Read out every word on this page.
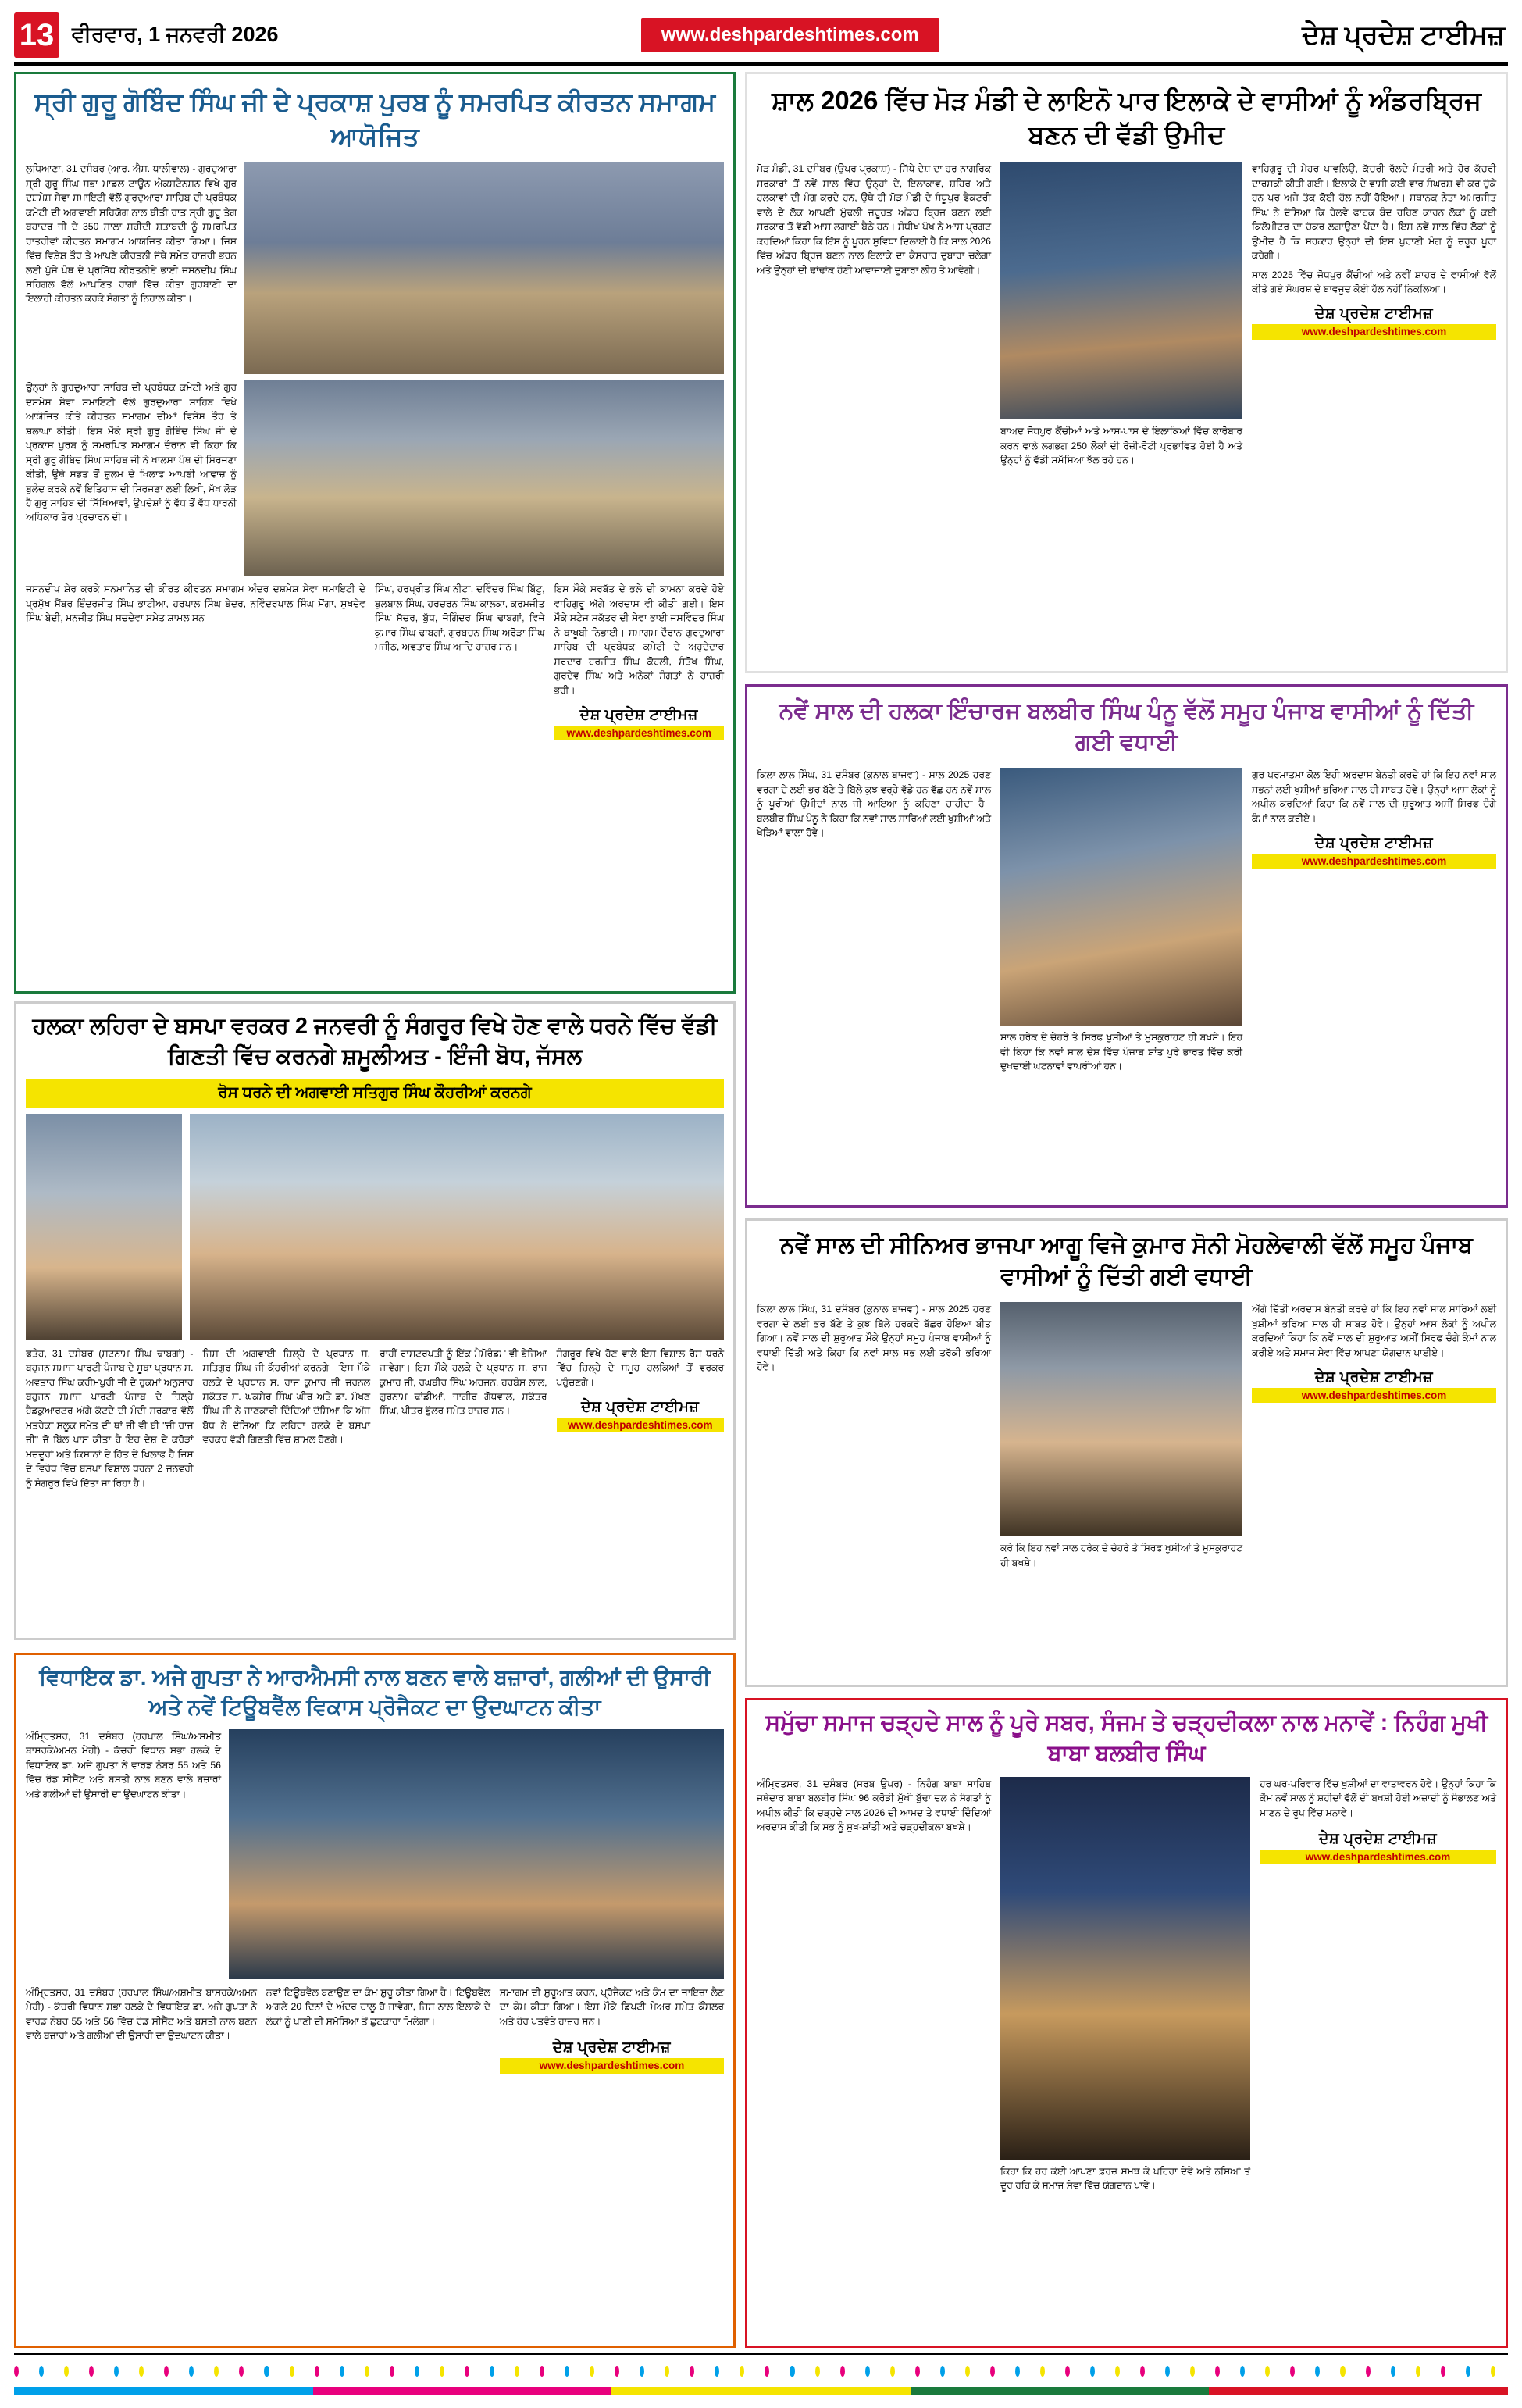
13 ਵੀਰਵਾਰ, 1 ਜਨਵਰੀ 2026	www.deshpardeshtimes.com	ਦੇਸ਼ ਪ੍ਰਦੇਸ਼ ਟਾਈਮਜ਼
ਸ੍ਰੀ ਗੁਰੂ ਗੋਬਿੰਦ ਸਿੰਘ ਜੀ ਦੇ ਪ੍ਰਕਾਸ਼ ਪੁਰਬ ਨੂੰ ਸਮਰਪਿਤ ਕੀਰਤਨ ਸਮਾਗਮ ਆਯੋਜਿਤ

ਲੁਧਿਆਣਾ, 31 ਦਸੰਬਰ (ਆਰ. ਐਸ. ਧਾਲੀਵਾਲ) - ਗੁਰਦੁਆਰਾ ਸ੍ਰੀ ਗੁਰੂ ਸਿੰਘ ਸਭਾ ਮਾਡਲ ਟਾਊਨ ਐਕਸਟੈਨਸ਼ਨ ਵਿਖੇ ਗੁਰ ਦਸ਼ਮੇਸ਼ ਸੇਵਾ ਸਮਾਇਟੀ ਵੱਲੋਂ ਗੁਰਦੁਆਰਾ ਸਾਹਿਬ ਦੀ ਪ੍ਰਬੰਧਕ ਕਮੇਟੀ ਦੀ ਅਗਵਾਈ ਸਹਿਯੋਗ ਨਾਲ ਬੀਤੀ ਰਾਤ ਸ੍ਰੀ ਗੁਰੂ ਤੇਗ ਬਹਾਦਰ ਜੀ ਦੇ 350 ਸਾਲਾ ਸ਼ਹੀਦੀ ਸ਼ਤਾਬਦੀ ਨੂੰ ਸਮਰਪਿਤ ਰਾਤਰੀਵਾਂ ਕੀਰਤਨ ਸਮਾਗਮ ਆਯੋਜਿਤ ਕੀਤਾ ਗਿਆ। ਜਿਸ ਵਿੱਚ ਵਿਸ਼ੇਸ਼ ਤੌਰ ਤੇ ਆਪਣੇ ਕੀਰਤਨੀ ਜੱਥੇ ਸਮੇਤ ਹਾਜ਼ਰੀ ਭਰਨ ਲਈ ਪੁੱਜੇ ਪੰਥ ਦੇ ਪ੍ਰਸਿੱਧ ਕੀਰਤਨੀਏ ਭਾਈ ਜਸਨਦੀਪ ਸਿੰਘ ਸਹਿਗਲ ਵੱਲੋਂ ਆਪਣਿਤ ਰਾਗਾਂ ਵਿੱਚ ਕੀਤਾ ਗੁਰਬਾਣੀ ਦਾ ਇਲਾਹੀ ਕੀਰਤਨ ਕਰਕੇ ਸੰਗਤਾਂ ਨੂੰ ਨਿਹਾਲ ਕੀਤਾ।

ਉਨ੍ਹਾਂ ਨੇ ਗੁਰਦੁਆਰਾ ਸਾਹਿਬ ਦੀ ਪ੍ਰਬੰਧਕ ਕਮੇਟੀ ਅਤੇ ਗੁਰ ਦਸ਼ਮੇਸ਼ ਸੇਵਾ ਸਮਾਇਟੀ ਵੱਲੋਂ ਗੁਰਦੁਆਰਾ ਸਾਹਿਬ ਵਿਖੇ ਆਯੋਜਿਤ ਕੀਤੇ ਕੀਰਤਨ ਸਮਾਗਮ ਦੀਆਂ ਵਿਸ਼ੇਸ਼ ਤੌਰ ਤੇ ਸ਼ਲਾਘਾ ਕੀਤੀ। ਇਸ ਮੌਕੇ ਸ੍ਰੀ ਗੁਰੂ ਗੋਬਿੰਦ ਸਿੰਘ ਜੀ ਦੇ ਪ੍ਰਕਾਸ਼ ਪੁਰਬ ਨੂੰ ਸਮਰਪਿਤ ਸਮਾਗਮ ਦੌਰਾਨ ਵੀ ਕਿਹਾ ਕਿ ਸ੍ਰੀ ਗੁਰੂ ਗੋਬਿੰਦ ਸਿੰਘ ਸਾਹਿਬ ਜੀ ਨੇ ਖਾਲਸਾ ਪੰਥ ਦੀ ਸਿਰਜਣਾ ਕੀਤੀ, ਉਥੇ ਸਭਤ ਤੋਂ ਜ਼ੁਲਮ ਦੇ ਖਿਲਾਫ ਆਪਣੀ ਆਵਾਜ਼ ਨੂੰ ਬੁਲੰਦ ਕਰਕੇ ਨਵੇਂ ਇਤਿਹਾਸ ਦੀ ਸਿਰਜਣਾ ਲਈ ਲਿਖੀ, ਮੱਖ ਲੋੜ ਹੈ ਗੁਰੂ ਸਾਹਿਬ ਦੀ ਸਿੱਖਿਆਵਾਂ, ਉਪਦੇਸ਼ਾਂ ਨੂੰ ਵੱਧ ਤੋਂ ਵੱਧ ਧਾਰਨੀ ਅਧਿਕਾਰ ਤੌਰ ਪ੍ਰਚਾਰਨ ਦੀ।

ਜਸਨਦੀਪ ਸ਼ੇਰ ਕਰਕੇ ਸਨਮਾਨਿਤ ਦੀ ਕੀਰਤ ਕੀਰਤਨ ਸਮਾਗਮ ਅੰਦਰ ਦਸ਼ਮੇਸ਼ ਸੇਵਾ ਸਮਾਇਟੀ ਦੇ ਪ੍ਰਮੁੱਖ ਮੈਂਬਰ ਇੰਦਰਜੀਤ ਸਿੰਘ ਭਾਟੀਆ, ਹਰਪਾਲ ਸਿੰਘ ਬੇਦਰ, ਨਵਿੰਦਰਪਾਲ ਸਿੰਘ ਮੋਂਗਾ, ਸੁਖਦੇਵ ਸਿੰਘ ਬੇਦੀ, ਮਨਜੀਤ ਸਿੰਘ ਸਚਦੇਵਾ ਸਮੇਤ ਸ਼ਾਮਲ ਸਨ।

ਸਿੰਘ, ਹਰਪ੍ਰੀਤ ਸਿੰਘ ਨੀਟਾ, ਦਵਿੰਦਰ ਸਿੰਘ ਬਿੱਟੂ, ਬੁਲਬਾਲ ਸਿੰਘ, ਹਰਚਰਨ ਸਿੰਘ ਕਾਲਕਾ, ਕਰਮਜੀਤ ਸਿੰਘ ਸੱਚਰ, ਬੁੱਧ, ਜੋਗਿੰਦਰ ਸਿੰਘ ਢਾਬਗਾਂ, ਵਿਜੇ ਕੁਮਾਰ ਸਿੰਘ ਢਾਬਗਾਂ, ਗੁਰਬਚਨ ਸਿੰਘ ਅਰੋੜਾ ਸਿੰਘ ਮਜੀਠ, ਅਵਤਾਰ ਸਿੰਘ ਆਦਿ ਹਾਜ਼ਰ ਸਨ।

ਇਸ ਮੌਕੇ ਸਰਬੱਤ ਦੇ ਭਲੇ ਦੀ ਕਾਮਨਾ ਕਰਦੇ ਹੋਏ ਵਾਹਿਗੁਰੂ ਅੱਗੇ ਅਰਦਾਸ ਵੀ ਕੀਤੀ ਗਈ। ਇਸ ਮੌਕੇ ਸਟੇਜ ਸਕੱਤਰ ਦੀ ਸੇਵਾ ਭਾਈ ਜਸਵਿੰਦਰ ਸਿੰਘ ਨੇ ਬਾਖੂਬੀ ਨਿਭਾਈ। ਸਮਾਗਮ ਦੌਰਾਨ ਗੁਰਦੁਆਰਾ ਸਾਹਿਬ ਦੀ ਪ੍ਰਬੰਧਕ ਕਮੇਟੀ ਦੇ ਅਹੁਦੇਦਾਰ ਸਰਦਾਰ ਹਰਜੀਤ ਸਿੰਘ ਕੋਹਲੀ, ਸੰਤੋਖ ਸਿੰਘ, ਗੁਰਦੇਵ ਸਿੰਘ ਅਤੇ ਅਨੇਕਾਂ ਸੰਗਤਾਂ ਨੇ ਹਾਜ਼ਰੀ ਭਰੀ।

ਦੇਸ਼ ਪ੍ਰਦੇਸ਼ ਟਾਈਮਜ਼
www.deshpardeshtimes.com
ਸ਼ਾਲ 2026 ਵਿੱਚ ਮੋੜ ਮੰਡੀ ਦੇ ਲਾਇਨੋ ਪਾਰ ਇਲਾਕੇ ਦੇ ਵਾਸੀਆਂ ਨੂੰ ਅੰਡਰਬ੍ਰਿਜ ਬਣਨ ਦੀ ਵੱਡੀ ਉਮੀਦ

ਮੋੜ ਮੰਡੀ, 31 ਦਸੰਬਰ (ਉਪਰ ਪ੍ਰਕਾਸ਼) - ਸਿੱਧੇ ਦੇਸ਼ ਦਾ ਹਰ ਨਾਗਰਿਕ ਸਰਕਾਰਾਂ ਤੋਂ ਨਵੇਂ ਸਾਲ ਵਿੱਚ ਉਨ੍ਹਾਂ ਦੇ, ਇਲਾਕਾਵ, ਸ਼ਹਿਰ ਅਤੇ ਹਲਕਾਵਾਂ ਦੀ ਮੰਗ ਕਰਦੇ ਹਨ, ਉਥੇ ਹੀ ਮੋੜ ਮੰਡੀ ਦੇ ਸੰਧੂਪੁਰ ਫੈਕਟਰੀ ਵਾਲੇ ਦੇ ਲੋਕ ਆਪਣੀ ਮੁੱਢਲੀ ਜ਼ਰੂਰਤ ਅੰਡਰ ਬ੍ਰਿਜ ਬਣਨ ਲਈ ਸਰਕਾਰ ਤੋਂ ਵੱਡੀ ਆਸ ਲਗਾਈ ਬੈਠੇ ਹਨ। ਸੰਧੀਖ ਪੱਖ ਨੇ ਆਸ ਪ੍ਰਗਟ ਕਰਦਿਆਂ ਕਿਹਾ ਕਿ ਇੱਸ ਨੂੰ ਪੂਰਨ ਸੁਵਿਧਾ ਦਿਲਾਈ ਹੈ ਕਿ ਸਾਲ 2026 ਵਿੱਚ ਅੰਡਰ ਬ੍ਰਿਜ ਬਣਨ ਨਾਲ ਇਲਾਕੇ ਦਾ ਕੈਸਰਾਰ ਦੁਬਾਰਾ ਚਲੇਗਾ ਅਤੇ ਉਨ੍ਹਾਂ ਦੀ ਢਾਂਢਾਂਕ ਹੋਣੀ ਆਵਾਜਾਈ ਦੁਬਾਰਾ ਲੀਹ ਤੇ ਆਵੇਗੀ।

ਬਾਅਦ ਜੋਧਪੁਰ ਕੈਂਚੀਆਂ ਅਤੇ ਆਸ-ਪਾਸ ਦੇ ਇਲਾਕਿਆਂ ਵਿੱਚ ਕਾਰੋਬਾਰ ਕਰਨ ਵਾਲੇ ਲਗਭਗ 250 ਲੋਕਾਂ ਦੀ ਰੋਜ਼ੀ-ਰੋਟੀ ਪ੍ਰਭਾਵਿਤ ਹੋਈ ਹੈ ਅਤੇ ਉਨ੍ਹਾਂ ਨੂੰ ਵੱਡੀ ਸਮੱਸਿਆ ਝੱਲ ਰਹੇ ਹਨ।

ਵਾਹਿਗੁਰੂ ਦੀ ਮੇਹਰ ਪਾਵਲਿਉ, ਕੱਚਰੀ ਰੱਲਦੇ ਮੰਤਰੀ ਅਤੇ ਹੋਰ ਕੱਚਰੀ ਦਾਰਸਕੀ ਕੀਤੀ ਗਈ। ਇਲਾਕੇ ਦੇ ਵਾਸੀ ਕਈ ਵਾਰ ਸੰਘਰਸ਼ ਵੀ ਕਰ ਚੁੱਕੇ ਹਨ ਪਰ ਅਜੇ ਤੱਕ ਕੋਈ ਹੱਲ ਨਹੀਂ ਹੋਇਆ। ਸਥਾਨਕ ਨੇਤਾ ਅਮਰਜੀਤ ਸਿੰਘ ਨੇ ਦੱਸਿਆ ਕਿ ਰੇਲਵੇ ਫਾਟਕ ਬੰਦ ਰਹਿਣ ਕਾਰਨ ਲੋਕਾਂ ਨੂੰ ਕਈ ਕਿਲੋਮੀਟਰ ਦਾ ਚੱਕਰ ਲਗਾਉਣਾ ਪੈਂਦਾ ਹੈ। ਇਸ ਨਵੇਂ ਸਾਲ ਵਿੱਚ ਲੋਕਾਂ ਨੂੰ ਉਮੀਦ ਹੈ ਕਿ ਸਰਕਾਰ ਉਨ੍ਹਾਂ ਦੀ ਇਸ ਪੁਰਾਣੀ ਮੰਗ ਨੂੰ ਜ਼ਰੂਰ ਪੂਰਾ ਕਰੇਗੀ।

ਸਾਲ 2025 ਵਿੱਚ ਜੋਧਪੁਰ ਕੈਂਚੀਆਂ ਅਤੇ ਨਵੀਂ ਸ਼ਾਹਰ ਦੇ ਵਾਸੀਆਂ ਵੱਲੋਂ ਕੀਤੇ ਗਏ ਸੰਘਰਸ਼ ਦੇ ਬਾਵਜੂਦ ਕੋਈ ਹੱਲ ਨਹੀਂ ਨਿਕਲਿਆ।

ਦੇਸ਼ ਪ੍ਰਦੇਸ਼ ਟਾਈਮਜ਼
www.deshpardeshtimes.com
ਨਵੇਂ ਸਾਲ ਦੀ ਹਲਕਾ ਇੰਚਾਰਜ ਬਲਬੀਰ ਸਿੰਘ ਪੰਨੂ ਵੱਲੋਂ ਸਮੂਹ ਪੰਜਾਬ ਵਾਸੀਆਂ ਨੂੰ ਦਿੱਤੀ ਗਈ ਵਧਾਈ

ਕਿਲਾ ਲਾਲ ਸਿੰਘ, 31 ਦਸੰਬਰ (ਕੁਨਾਲ ਬਾਜਵਾ) - ਸਾਲ 2025 ਹਰਣ ਵਰਗਾ ਦੇ ਲਈ ਭਰ ਬੱਣੇ ਤੇ ਬਿੱਲੇ ਕੁਝ ਵਰ੍ਹੇ ਵੱਡੇ ਹਨ ਵੱਛ ਹਨ ਨਵੇਂ ਸਾਲ ਨੂੰ ਪੂਰੀਆਂ ਉਮੀਦਾਂ ਨਾਲ ਜੀ ਆਇਆ ਨੂੰ ਕਹਿਣਾ ਚਾਹੀਦਾ ਹੈ। ਬਲਬੀਰ ਸਿੰਘ ਪੰਨੂ ਨੇ ਕਿਹਾ ਕਿ ਨਵਾਂ ਸਾਲ ਸਾਰਿਆਂ ਲਈ ਖੁਸ਼ੀਆਂ ਅਤੇ ਖੇੜਿਆਂ ਵਾਲਾ ਹੋਵੇ।

ਸਾਲ ਹਰੇਕ ਦੇ ਚੇਹਰੇ ਤੇ ਸਿਰਫ ਖੁਸ਼ੀਆਂ ਤੇ ਮੁਸਕੁਰਾਹਟ ਹੀ ਬਖਸ਼ੇ। ਇਹ ਵੀ ਕਿਹਾ ਕਿ ਨਵਾਂ ਸਾਲ ਦੇਸ਼ ਵਿੱਚ ਪੰਜਾਬ ਸ਼ਾਂਤ ਪੂਰੇ ਭਾਰਤ ਵਿੱਚ ਕਰੀ ਦੁਖਦਾਈ ਘਟਨਾਵਾਂ ਵਾਪਰੀਆਂ ਹਨ।

ਗੁਰ ਪਰਮਾਤਮਾ ਕੋਲ ਇਹੀ ਅਰਦਾਸ ਬੇਨਤੀ ਕਰਦੇ ਹਾਂ ਕਿ ਇਹ ਨਵਾਂ ਸਾਲ ਸਭਨਾਂ ਲਈ ਖੁਸ਼ੀਆਂ ਭਰਿਆ ਸਾਲ ਹੀ ਸਾਬਤ ਹੋਵੇ। ਉਨ੍ਹਾਂ ਆਸ ਲੋਕਾਂ ਨੂੰ ਅਪੀਲ ਕਰਦਿਆਂ ਕਿਹਾ ਕਿ ਨਵੇਂ ਸਾਲ ਦੀ ਸ਼ੁਰੂਆਤ ਅਸੀਂ ਸਿਰਫ ਚੰਗੇ ਕੰਮਾਂ ਨਾਲ ਕਰੀਏ।

ਦੇਸ਼ ਪ੍ਰਦੇਸ਼ ਟਾਈਮਜ਼
www.deshpardeshtimes.com
ਹਲਕਾ ਲਹਿਰਾ ਦੇ ਬਸਪਾ ਵਰਕਰ 2 ਜਨਵਰੀ ਨੂੰ ਸੰਗਰੂਰ ਵਿਖੇ ਹੋਣ ਵਾਲੇ ਧਰਨੇ ਵਿੱਚ ਵੱਡੀ ਗਿਣਤੀ ਵਿੱਚ ਕਰਨਗੇ ਸ਼ਮੂਲੀਅਤ - ਇੰਜੀ ਬੋਧ, ਜੱਸਲ
ਰੋਸ ਧਰਨੇ ਦੀ ਅਗਵਾਈ ਸਤਿਗੁਰ ਸਿੰਘ ਕੌਹਰੀਆਂ ਕਰਨਗੇ

ਫਤੇਹ, 31 ਦਸੰਬਰ (ਸਟਨਾਮ ਸਿੰਘ ਢਾਬਗਾਂ) - ਬਹੁਜਨ ਸਮਾਜ ਪਾਰਟੀ ਪੰਜਾਬ ਦੇ ਸੂਬਾ ਪ੍ਰਧਾਨ ਸ. ਅਵਤਾਰ ਸਿੰਘ ਕਰੀਮਪੁਰੀ ਜੀ ਦੇ ਹੁਕਮਾਂ ਅਨੁਸਾਰ ਬਹੁਜਨ ਸਮਾਜ ਪਾਰਟੀ ਪੰਜਾਬ ਦੇ ਜ਼ਿਲ੍ਹੇ ਹੈੱਡਕੁਆਰਟਰ ਅੱਗੇ ਕੱਟਦੇ ਦੀ ਮੰਦੀ ਸਰਕਾਰ ਵੱਲੋਂ ਮਤਰੇਕਾ ਸਲੂਕ ਸਮੇਤ ਦੀ ਥਾਂ ਜੀ ਵੀ ਬੀ "ਜੀ ਰਾਜ ਜੀ" ਜੋ ਬਿੱਲ ਪਾਸ ਕੀਤਾ ਹੈ ਇਹ ਦੇਸ਼ ਦੇ ਕਰੋੜਾਂ ਮਜ਼ਦੂਰਾਂ ਅਤੇ ਕਿਸਾਨਾਂ ਦੇ ਹਿੱਤ ਦੇ ਖਿਲਾਫ ਹੈ ਜਿਸ ਦੇ ਵਿਰੋਧ ਵਿੱਚ ਬਸਪਾ ਵਿਸ਼ਾਲ ਧਰਨਾ 2 ਜਨਵਰੀ ਨੂੰ ਸੰਗਰੂਰ ਵਿਖੇ ਦਿੱਤਾ ਜਾ ਰਿਹਾ ਹੈ।

ਜਿਸ ਦੀ ਅਗਵਾਈ ਜ਼ਿਲ੍ਹੇ ਦੇ ਪ੍ਰਧਾਨ ਸ. ਸਤਿਗੁਰ ਸਿੰਘ ਜੀ ਕੌਹਰੀਆਂ ਕਰਨਗੇ। ਇਸ ਮੌਕੇ ਹਲਕੇ ਦੇ ਪ੍ਰਧਾਨ ਸ. ਰਾਜ ਕੁਮਾਰ ਜੀ ਜਰਨਲ ਸਕੱਤਰ ਸ. ਘਕਸੇਰ ਸਿੰਘ ਘੀਰ ਅਤੇ ਡਾ. ਮੱਖਣ ਸਿੰਘ ਜੀ ਨੇ ਜਾਣਕਾਰੀ ਦਿੰਦਿਆਂ ਦੱਸਿਆ ਕਿ ਅੱਜ ਬੋਧ ਨੇ ਦੱਸਿਆ ਕਿ ਲਹਿਰਾ ਹਲਕੇ ਦੇ ਬਸਪਾ ਵਰਕਰ ਵੱਡੀ ਗਿਣਤੀ ਵਿੱਚ ਸ਼ਾਮਲ ਹੋਣਗੇ।

ਰਾਹੀਂ ਰਾਸਟਰਪਤੀ ਨੂੰ ਇੱਕ ਮੈਮੋਰੰਡਮ ਵੀ ਭੇਜਿਆ ਜਾਵੇਗਾ। ਇਸ ਮੌਕੇ ਹਲਕੇ ਦੇ ਪ੍ਰਧਾਨ ਸ. ਰਾਜ ਕੁਮਾਰ ਜੀ, ਰਘਬੀਰ ਸਿੰਘ ਅਰਜਨ, ਹਰਬੰਸ ਲਾਲ, ਗੁਰਨਾਮ ਢਾਂਡੀਆਂ, ਜਾਗੀਰ ਗੋਧਵਾਲ, ਸਕੱਤਰ ਸਿੰਘ, ਪੀਤਰ ਭੁੱਲਰ ਸਮੇਤ ਹਾਜ਼ਰ ਸਨ।

ਸੰਗਰੂਰ ਵਿਖੇ ਹੋਣ ਵਾਲੇ ਇਸ ਵਿਸ਼ਾਲ ਰੋਸ ਧਰਨੇ ਵਿੱਚ ਜ਼ਿਲ੍ਹੇ ਦੇ ਸਮੂਹ ਹਲਕਿਆਂ ਤੋਂ ਵਰਕਰ ਪਹੁੰਚਣਗੇ।

ਦੇਸ਼ ਪ੍ਰਦੇਸ਼ ਟਾਈਮਜ਼
www.deshpardeshtimes.com
ਨਵੇਂ ਸਾਲ ਦੀ ਸੀਨਿਅਰ ਭਾਜਪਾ ਆਗੂ ਵਿਜੇ ਕੁਮਾਰ ਸੋਨੀ ਮੋਹਲੇਵਾਲੀ ਵੱਲੋਂ ਸਮੂਹ ਪੰਜਾਬ ਵਾਸੀਆਂ ਨੂੰ ਦਿੱਤੀ ਗਈ ਵਧਾਈ

ਕਿਲਾ ਲਾਲ ਸਿੰਘ, 31 ਦਸੰਬਰ (ਕੁਨਾਲ ਬਾਜਵਾ) - ਸਾਲ 2025 ਹਰਣ ਵਰਗਾ ਦੇ ਲਈ ਭਰ ਬੱਣੇ ਤੇ ਕੁਝ ਬਿੱਲੇ ਹਰਕਰੇ ਬੱਛਰ ਹੋਇਆ ਬੀਤ ਗਿਆ। ਨਵੇਂ ਸਾਲ ਦੀ ਸ਼ੁਰੂਆਤ ਮੌਕੇ ਉਨ੍ਹਾਂ ਸਮੂਹ ਪੰਜਾਬ ਵਾਸੀਆਂ ਨੂੰ ਵਧਾਈ ਦਿੱਤੀ ਅਤੇ ਕਿਹਾ ਕਿ ਨਵਾਂ ਸਾਲ ਸਭ ਲਈ ਤਰੱਕੀ ਭਰਿਆ ਹੋਵੇ।

ਕਰੇ ਕਿ ਇਹ ਨਵਾਂ ਸਾਲ ਹਰੇਕ ਦੇ ਚੇਹਰੇ ਤੇ ਸਿਰਫ ਖੁਸ਼ੀਆਂ ਤੇ ਮੁਸਕੁਰਾਹਟ ਹੀ ਬਖਸ਼ੇ।

ਅੱਗੇ ਦਿੱਤੀ ਅਰਦਾਸ ਬੇਨਤੀ ਕਰਦੇ ਹਾਂ ਕਿ ਇਹ ਨਵਾਂ ਸਾਲ ਸਾਰਿਆਂ ਲਈ ਖੁਸ਼ੀਆਂ ਭਰਿਆ ਸਾਲ ਹੀ ਸਾਬਤ ਹੋਵੇ। ਉਨ੍ਹਾਂ ਆਸ ਲੋਕਾਂ ਨੂੰ ਅਪੀਲ ਕਰਦਿਆਂ ਕਿਹਾ ਕਿ ਨਵੇਂ ਸਾਲ ਦੀ ਸ਼ੁਰੂਆਤ ਅਸੀਂ ਸਿਰਫ ਚੰਗੇ ਕੰਮਾਂ ਨਾਲ ਕਰੀਏ ਅਤੇ ਸਮਾਜ ਸੇਵਾ ਵਿੱਚ ਆਪਣਾ ਯੋਗਦਾਨ ਪਾਈਏ।

ਦੇਸ਼ ਪ੍ਰਦੇਸ਼ ਟਾਈਮਜ਼
www.deshpardeshtimes.com
ਵਿਧਾਇਕ ਡਾ. ਅਜੇ ਗੁਪਤਾ ਨੇ ਆਰਐਮਸੀ ਨਾਲ ਬਣਨ ਵਾਲੇ ਬਜ਼ਾਰਾਂ, ਗਲੀਆਂ ਦੀ ਉਸਾਰੀ ਅਤੇ ਨਵੇਂ ਟਿਊਬਵੈੱਲ ਵਿਕਾਸ ਪ੍ਰੋਜੈਕਟ ਦਾ ਉਦਘਾਟਨ ਕੀਤਾ

ਅੰਮ੍ਰਿਤਸਰ, 31 ਦਸੰਬਰ (ਹਰਪਾਲ ਸਿੰਘ/ਅਸ਼ਮੀਤ ਬਾਸਰਕੇ/ਅਮਨ ਮੇਹੀ) - ਕੱਚਰੀ ਵਿਧਾਨ ਸਭਾ ਹਲਕੇ ਦੇ ਵਿਧਾਇਕ ਡਾ. ਅਜੇ ਗੁਪਤਾ ਨੇ ਵਾਰਡ ਨੰਬਰ 55 ਅਤੇ 56 ਵਿੱਚ ਰੋਡ ਸੀਸੈਂਟ ਅਤੇ ਬਸਤੀ ਨਾਲ ਬਣਨ ਵਾਲੇ ਬਜ਼ਾਰਾਂ ਅਤੇ ਗਲੀਆਂ ਦੀ ਉਸਾਰੀ ਦਾ ਉਦਘਾਟਨ ਕੀਤਾ।

ਅੰਮ੍ਰਿਤਸਰ, 31 ਦਸੰਬਰ (ਹਰਪਾਲ ਸਿੰਘ/ਅਸ਼ਮੀਤ ਬਾਸਰਕੇ/ਅਮਨ ਮੇਹੀ) - ਕੱਚਰੀ ਵਿਧਾਨ ਸਭਾ ਹਲਕੇ ਦੇ ਵਿਧਾਇਕ ਡਾ. ਅਜੇ ਗੁਪਤਾ ਨੇ ਵਾਰਡ ਨੰਬਰ 55 ਅਤੇ 56 ਵਿੱਚ ਰੋਡ ਸੀਸੈਂਟ ਅਤੇ ਬਸਤੀ ਨਾਲ ਬਣਨ ਵਾਲੇ ਬਜ਼ਾਰਾਂ ਅਤੇ ਗਲੀਆਂ ਦੀ ਉਸਾਰੀ ਦਾ ਉਦਘਾਟਨ ਕੀਤਾ।

ਨਵਾਂ ਟਿਊਬਵੈੱਲ ਬਣਾਉਣ ਦਾ ਕੰਮ ਸ਼ੁਰੂ ਕੀਤਾ ਗਿਆ ਹੈ। ਟਿਊਬਵੈੱਲ ਅਗਲੇ 20 ਦਿਨਾਂ ਦੇ ਅੰਦਰ ਚਾਲੂ ਹੋ ਜਾਵੇਗਾ, ਜਿਸ ਨਾਲ ਇਲਾਕੇ ਦੇ ਲੋਕਾਂ ਨੂੰ ਪਾਣੀ ਦੀ ਸਮੱਸਿਆ ਤੋਂ ਛੁਟਕਾਰਾ ਮਿਲੇਗਾ।

ਸਮਾਗਮ ਦੀ ਸ਼ੁਰੂਆਤ ਕਰਨ, ਪ੍ਰੋਜੈਕਟ ਅਤੇ ਕੰਮ ਦਾ ਜਾਇਜ਼ਾ ਲੈਣ ਦਾ ਕੰਮ ਕੀਤਾ ਗਿਆ। ਇਸ ਮੌਕੇ ਡਿਪਟੀ ਮੇਅਰ ਸਮੇਤ ਕੌਂਸਲਰ ਅਤੇ ਹੋਰ ਪਤਵੰਤੇ ਹਾਜ਼ਰ ਸਨ।

ਦੇਸ਼ ਪ੍ਰਦੇਸ਼ ਟਾਈਮਜ਼
www.deshpardeshtimes.com
ਸਮੁੱਚਾ ਸਮਾਜ ਚੜ੍ਹਦੇ ਸਾਲ ਨੂੰ ਪੂਰੇ ਸਬਰ, ਸੰਜਮ ਤੇ ਚੜ੍ਹਦੀਕਲਾ ਨਾਲ ਮਨਾਵੇਂ : ਨਿਹੰਗ ਮੁਖੀ ਬਾਬਾ ਬਲਬੀਰ ਸਿੰਘ

ਅੰਮ੍ਰਿਤਸਰ, 31 ਦਸੰਬਰ (ਸਰਬ ਉਪਰ) - ਨਿਹੰਗ ਬਾਬਾ ਸਾਹਿਬ ਜਥੇਦਾਰ ਬਾਬਾ ਬਲਬੀਰ ਸਿੰਘ 96 ਕਰੋੜੀ ਮੁੱਖੀ ਬੁੱਢਾ ਦਲ ਨੇ ਸੰਗਤਾਂ ਨੂੰ ਅਪੀਲ ਕੀਤੀ ਕਿ ਚੜ੍ਹਦੇ ਸਾਲ 2026 ਦੀ ਆਮਦ ਤੇ ਵਧਾਈ ਦਿੰਦਿਆਂ ਅਰਦਾਸ ਕੀਤੀ ਕਿ ਸਭ ਨੂੰ ਸੁਖ-ਸ਼ਾਂਤੀ ਅਤੇ ਚੜ੍ਹਦੀਕਲਾ ਬਖਸ਼ੇ।

ਕਿਹਾ ਕਿ ਹਰ ਕੋਈ ਆਪਣਾ ਫ਼ਰਜ਼ ਸਮਝ ਕੇ ਪਹਿਰਾ ਦੇਵੇ ਅਤੇ ਨਸ਼ਿਆਂ ਤੋਂ ਦੂਰ ਰਹਿ ਕੇ ਸਮਾਜ ਸੇਵਾ ਵਿੱਚ ਯੋਗਦਾਨ ਪਾਵੇ।

ਹਰ ਘਰ-ਪਰਿਵਾਰ ਵਿੱਚ ਖੁਸ਼ੀਆਂ ਦਾ ਵਾਤਾਵਰਨ ਹੋਵੇ। ਉਨ੍ਹਾਂ ਕਿਹਾ ਕਿ ਕੌਮ ਨਵੇਂ ਸਾਲ ਨੂੰ ਸ਼ਹੀਦਾਂ ਵੱਲੋਂ ਦੀ ਬਖਸ਼ੀ ਹੋਈ ਅਜ਼ਾਦੀ ਨੂੰ ਸੰਭਾਲਣ ਅਤੇ ਮਾਣਨ ਦੇ ਰੂਪ ਵਿੱਚ ਮਨਾਵੇ।

ਦੇਸ਼ ਪ੍ਰਦੇਸ਼ ਟਾਈਮਜ਼
www.deshpardeshtimes.com
